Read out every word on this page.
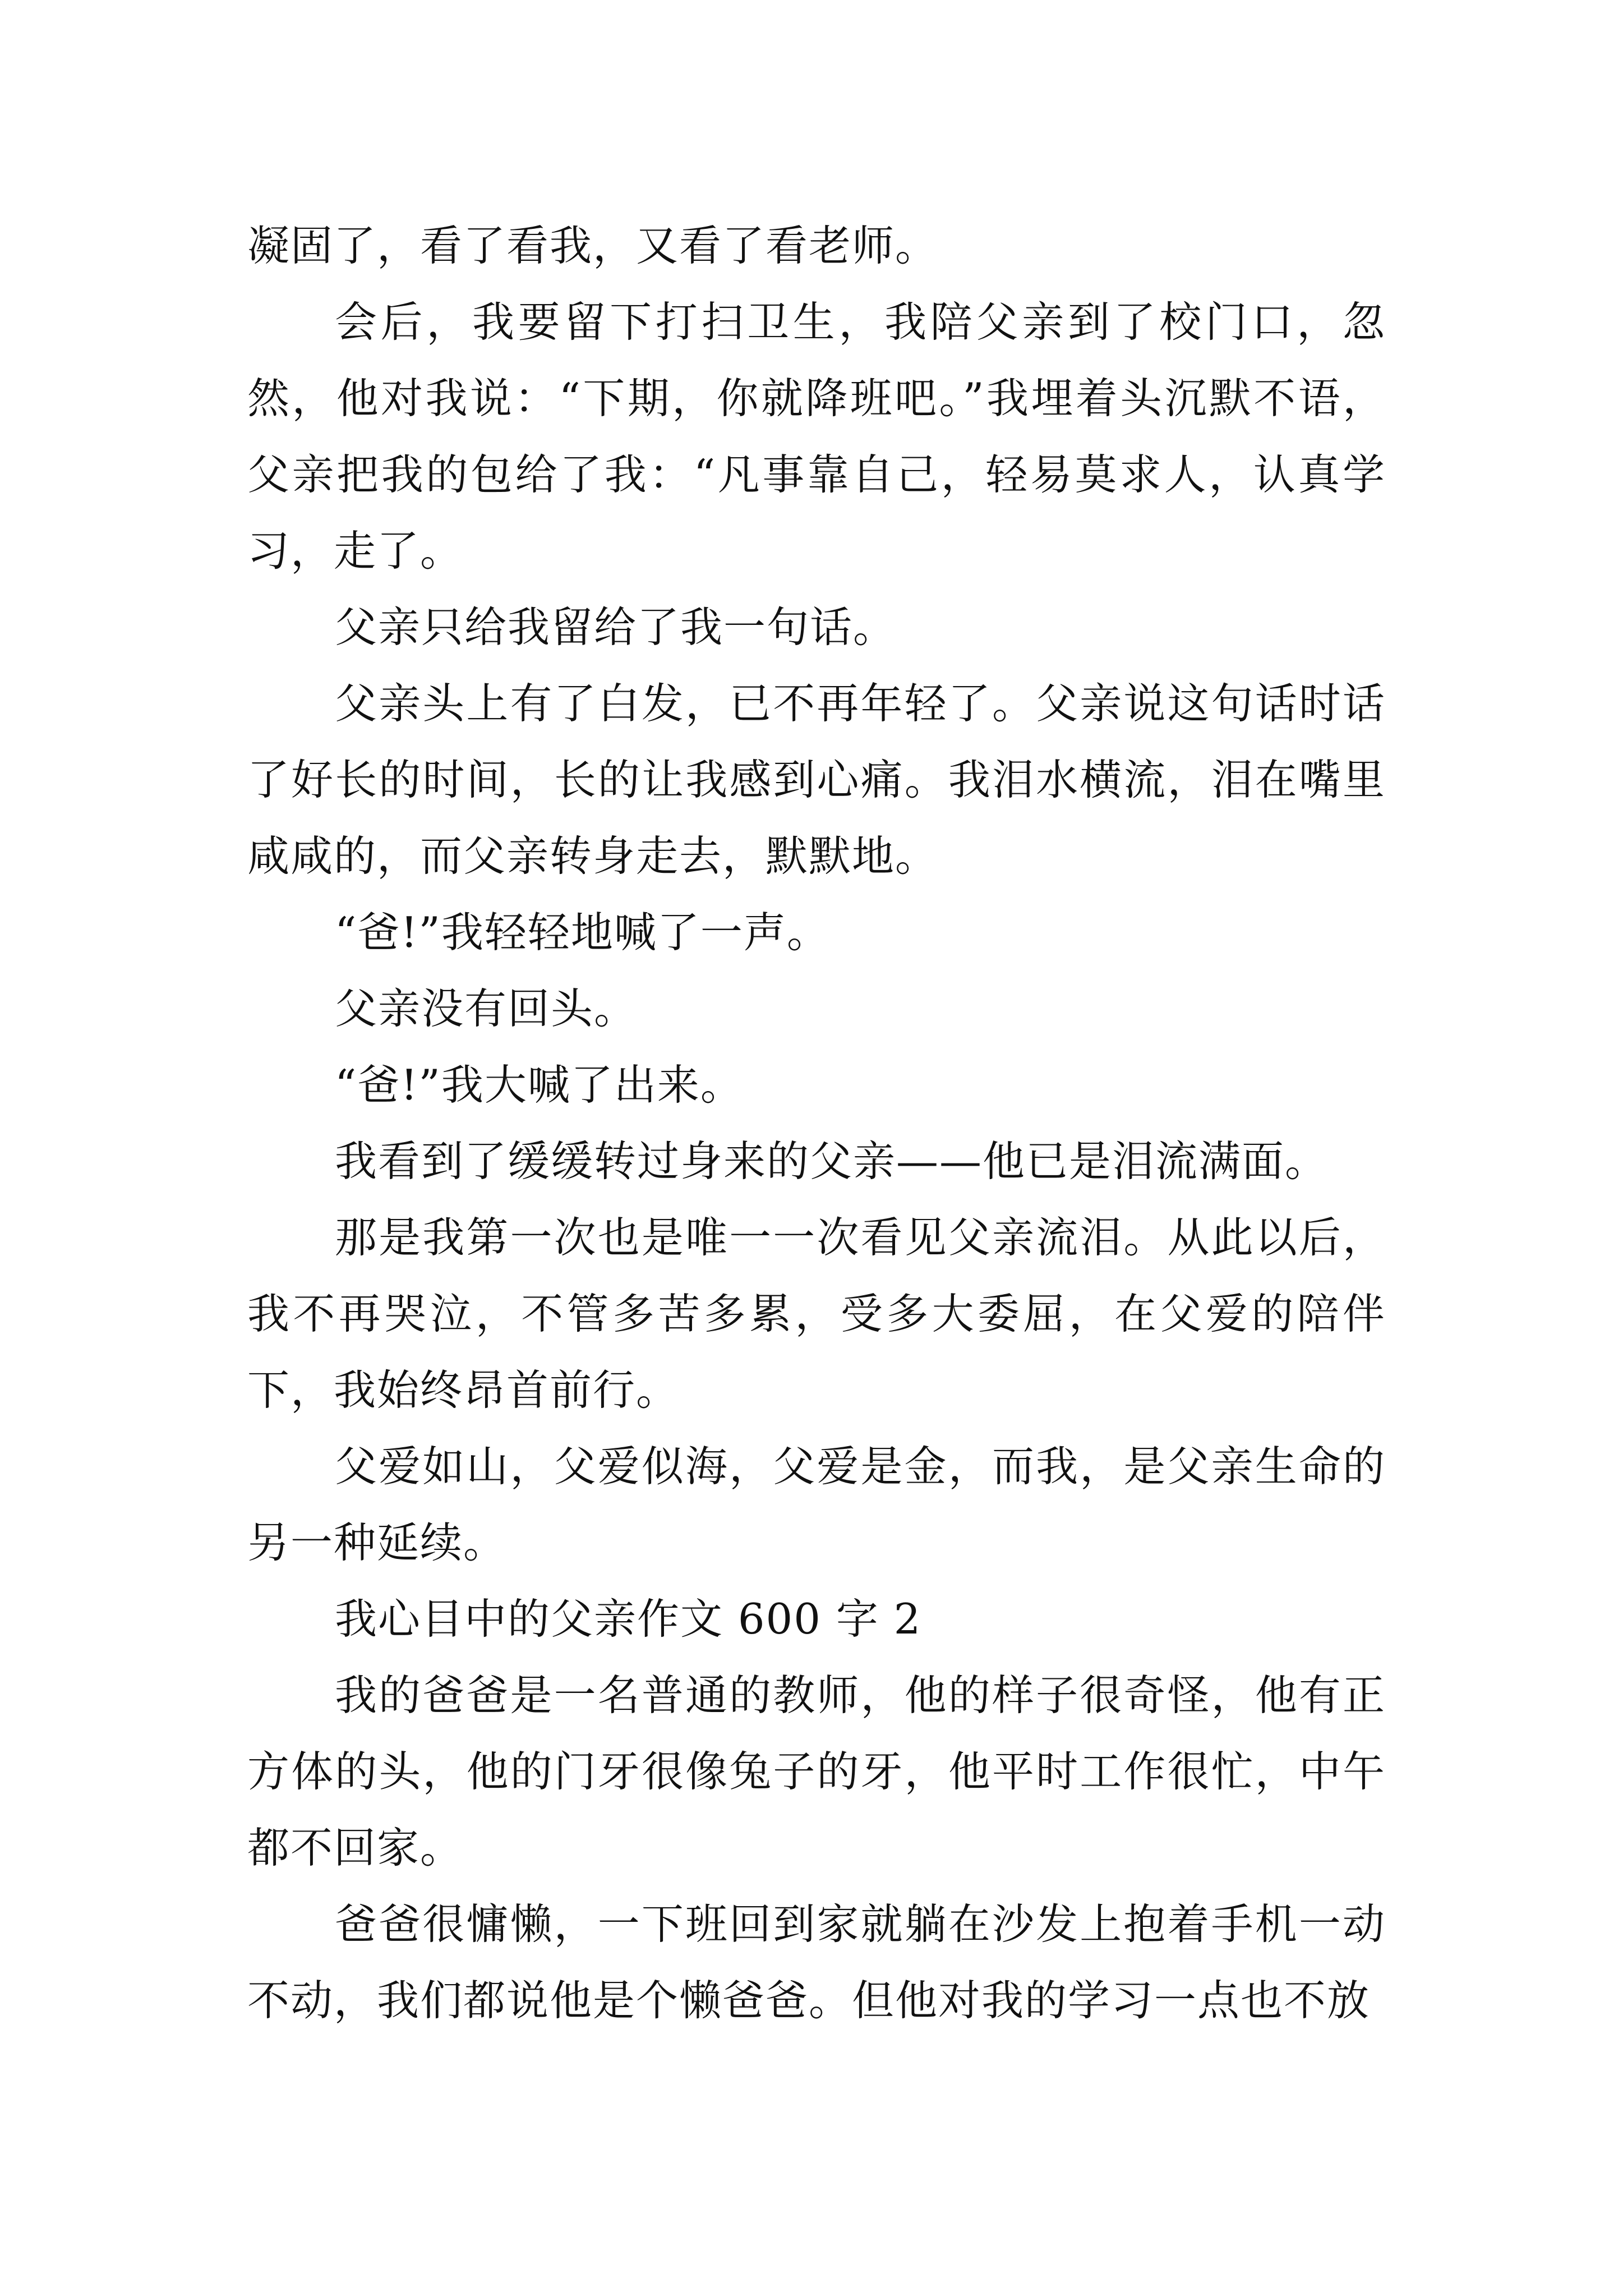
凝固了，看了看我，又看了看老师。

会后，我要留下打扫卫生，我陪父亲到了校门口，忽然，他对我说：“下期，你就降班吧。”我埋着头沉默不语，父亲把我的包给了我：“凡事靠自己，轻易莫求人，认真学习，走了。

父亲只给我留给了我一句话。

父亲头上有了白发，已不再年轻了。父亲说这句话时话了好长的时间，长的让我感到心痛。我泪水横流，泪在嘴里咸咸的，而父亲转身走去，默默地。

“爸!”我轻轻地喊了一声。

父亲没有回头。

“爸!”我大喊了出来。

我看到了缓缓转过身来的父亲——他已是泪流满面。

那是我第一次也是唯一一次看见父亲流泪。从此以后，我不再哭泣，不管多苦多累，受多大委屈，在父爱的陪伴下，我始终昂首前行。

父爱如山，父爱似海，父爱是金，而我，是父亲生命的另一种延续。

我心目中的父亲作文 600 字 2

我的爸爸是一名普通的教师，他的样子很奇怪，他有正方体的头，他的门牙很像兔子的牙，他平时工作很忙，中午都不回家。

爸爸很慵懒，一下班回到家就躺在沙发上抱着手机一动不动，我们都说他是个懒爸爸。但他对我的学习一点也不放
